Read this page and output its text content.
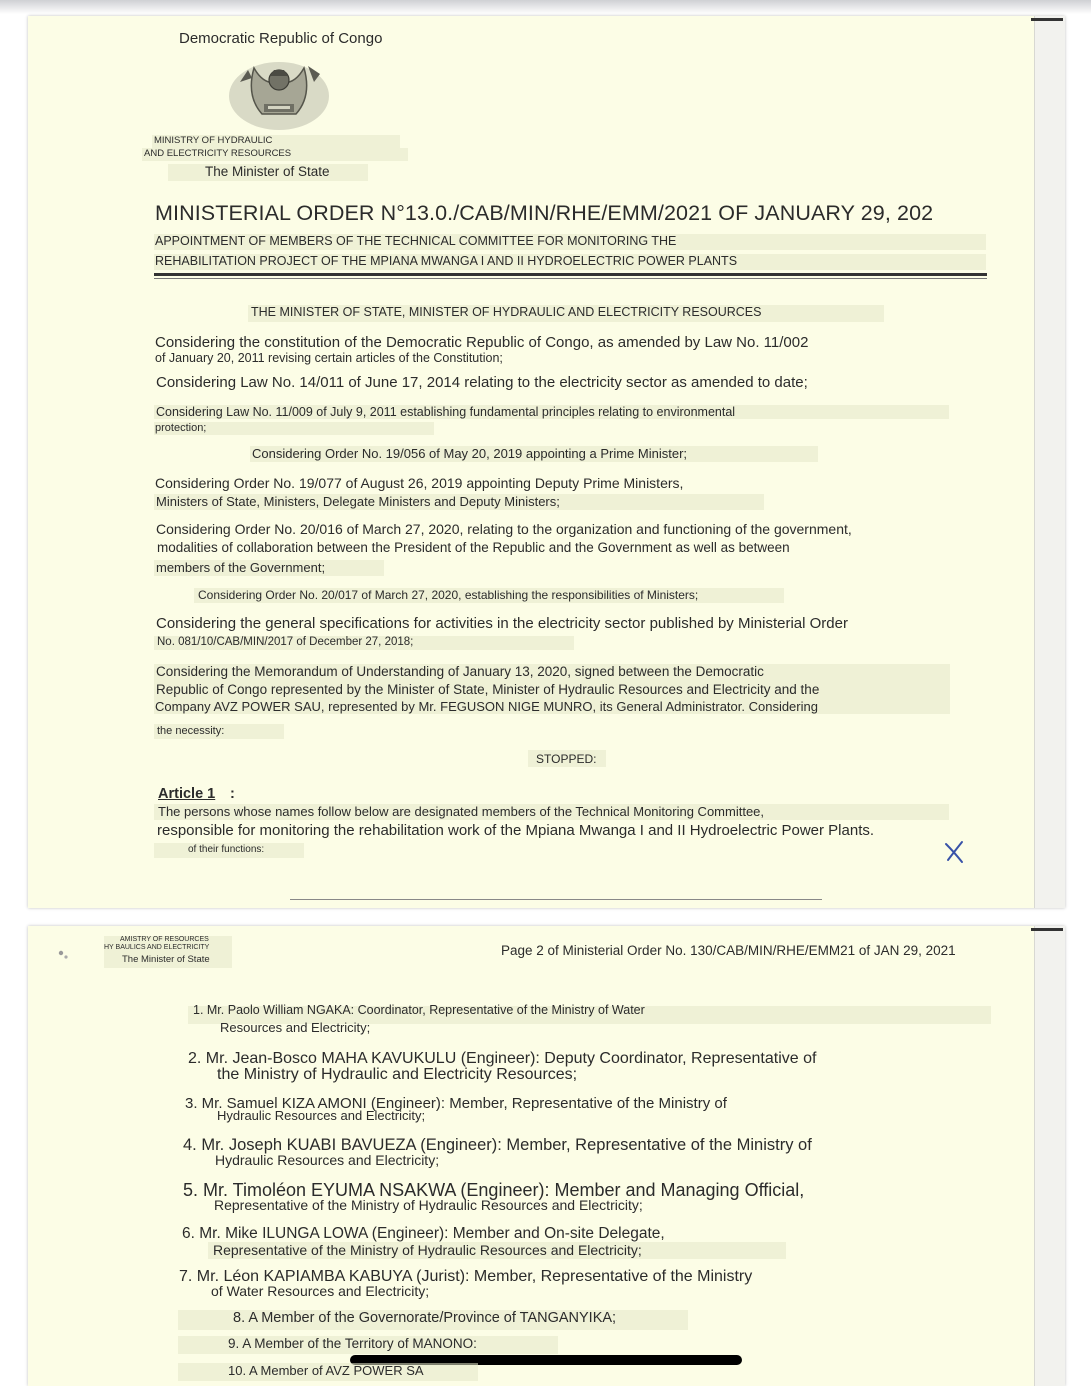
Democratic Republic of Congo
MINISTRY OF HYDRAULIC
AND ELECTRICITY RESOURCES
The Minister of State
MINISTERIAL ORDER N°13.0./CAB/MIN/RHE/EMM/2021 OF JANUARY 29, 202
APPOINTMENT OF MEMBERS OF THE TECHNICAL COMMITTEE FOR MONITORING THE
REHABILITATION PROJECT OF THE MPIANA MWANGA I AND II HYDROELECTRIC POWER PLANTS
THE MINISTER OF STATE, MINISTER OF HYDRAULIC AND ELECTRICITY RESOURCES
Considering the constitution of the Democratic Republic of Congo, as amended by Law No. 11/002
of January 20, 2011 revising certain articles of the Constitution;
Considering Law No. 14/011 of June 17, 2014 relating to the electricity sector as amended to date;
Considering Law No. 11/009 of July 9, 2011 establishing fundamental principles relating to environmental
protection;
Considering Order No. 19/056 of May 20, 2019 appointing a Prime Minister;
Considering Order No. 19/077 of August 26, 2019 appointing Deputy Prime Ministers,
Ministers of State, Ministers, Delegate Ministers and Deputy Ministers;
Considering Order No. 20/016 of March 27, 2020, relating to the organization and functioning of the government,
modalities of collaboration between the President of the Republic and the Government as well as between
members of the Government;
Considering Order No. 20/017 of March 27, 2020, establishing the responsibilities of Ministers;
Considering the general specifications for activities in the electricity sector published by Ministerial Order
No. 081/10/CAB/MIN/2017 of December 27, 2018;
Considering the Memorandum of Understanding of January 13, 2020, signed between the Democratic
Republic of Congo represented by the Minister of State, Minister of Hydraulic Resources and Electricity and the
Company AVZ POWER SAU, represented by Mr. FEGUSON NIGE MUNRO, its General Administrator. Considering
the necessity:
STOPPED:
Article 1 :
The persons whose names follow below are designated members of the Technical Monitoring Committee,
responsible for monitoring the rehabilitation work of the Mpiana Mwanga I and II Hydroelectric Power Plants.
of their functions:
AMISTRY OF RESOURCES
HY BAULICS AND ELECTRICITY
The Minister of State
Page 2 of Ministerial Order No. 130/CAB/MIN/RHE/EMM21 of JAN 29, 2021
1. Mr. Paolo William NGAKA: Coordinator, Representative of the Ministry of Water
Resources and Electricity;
2. Mr. Jean-Bosco MAHA KAVUKULU (Engineer): Deputy Coordinator, Representative of
the Ministry of Hydraulic and Electricity Resources;
3. Mr. Samuel KIZA AMONI (Engineer): Member, Representative of the Ministry of
Hydraulic Resources and Electricity;
4. Mr. Joseph KUABI BAVUEZA (Engineer): Member, Representative of the Ministry of
Hydraulic Resources and Electricity;
5. Mr. Timoléon EYUMA NSAKWA (Engineer): Member and Managing Official,
Representative of the Ministry of Hydraulic Resources and Electricity;
6. Mr. Mike ILUNGA LOWA (Engineer): Member and On-site Delegate,
Representative of the Ministry of Hydraulic Resources and Electricity;
7. Mr. Léon KAPIAMBA KABUYA (Jurist): Member, Representative of the Ministry
of Water Resources and Electricity;
8. A Member of the Governorate/Province of TANGANYIKA;
9. A Member of the Territory of MANONO:
10. A Member of AVZ POWER SA
